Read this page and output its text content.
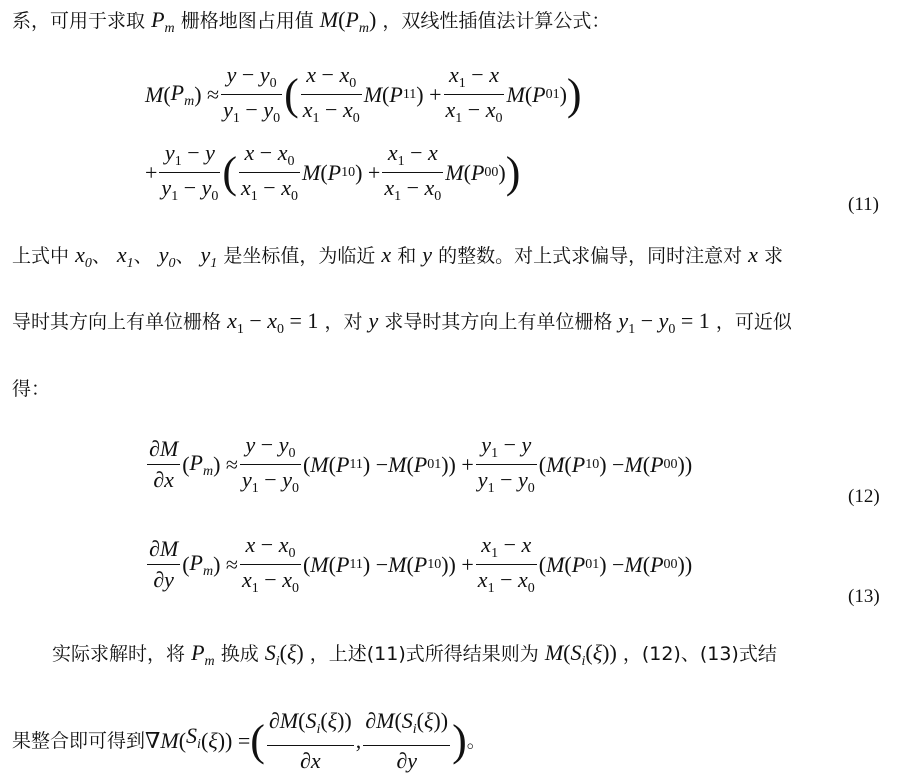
系，可用于求取 $P_m$ 栅格地图占用值 $M(P_m)$ ，双线性插值法计算公式：
M ( $P_m$ ) ≈ $\frac{y - y_0}{y_1 - y_0}$ ( $\frac{x - x_0}{x_1 - x_0}$ M ( P 11 ) + $\frac{x_1 - x}{x_1 - x_0}$ M ( P 01 ) )
+ $\frac{y_1 - y}{y_1 - y_0}$ ( $\frac{x - x_0}{x_1 - x_0}$ M ( P 10 ) + $\frac{x_1 - x}{x_1 - x_0}$ M ( P 00 ) )
(11)
上式中 $x_0$、 $x_1$、 $y_0$、 $y_1$ 是坐标值，为临近 x 和 y 的整数。对上式求偏导，同时注意对 x 求
导时其方向上有单位栅格 $x_1 - x_0 = 1$ ，对 y 求导时其方向上有单位栅格 $y_1 - y_0 = 1$ ，可近似
得：
$\frac{\partial M}{\partial x}$ ( $P_m$ ) ≈ $\frac{y - y_0}{y_1 - y_0}$ ( M ( P 11 ) − M ( P 01 )) + $\frac{y_1 - y}{y_1 - y_0}$ ( M ( P 10 ) − M ( P 00 ))
(12)
$\frac{\partial M}{\partial y}$ ( $P_m$ ) ≈ $\frac{x - x_0}{x_1 - x_0}$ ( M ( P 11 ) − M ( P 10 )) + $\frac{x_1 - x}{x_1 - x_0}$ ( M ( P 01 ) − M ( P 00 ))
(13)
实际求解时，将 $P_m$ 换成 $S_i(\xi)$ ，上述(11)式所得结果则为 $M(S_i(\xi))$ ，(12)、(13)式结
果整合即可得到 ∇ M ( $S_i$ ( ξ )) = ( $\frac{\partial M(S_i(\xi))}{\partial x}$ , $\frac{\partial M(S_i(\xi))}{\partial y}$ ) 。
